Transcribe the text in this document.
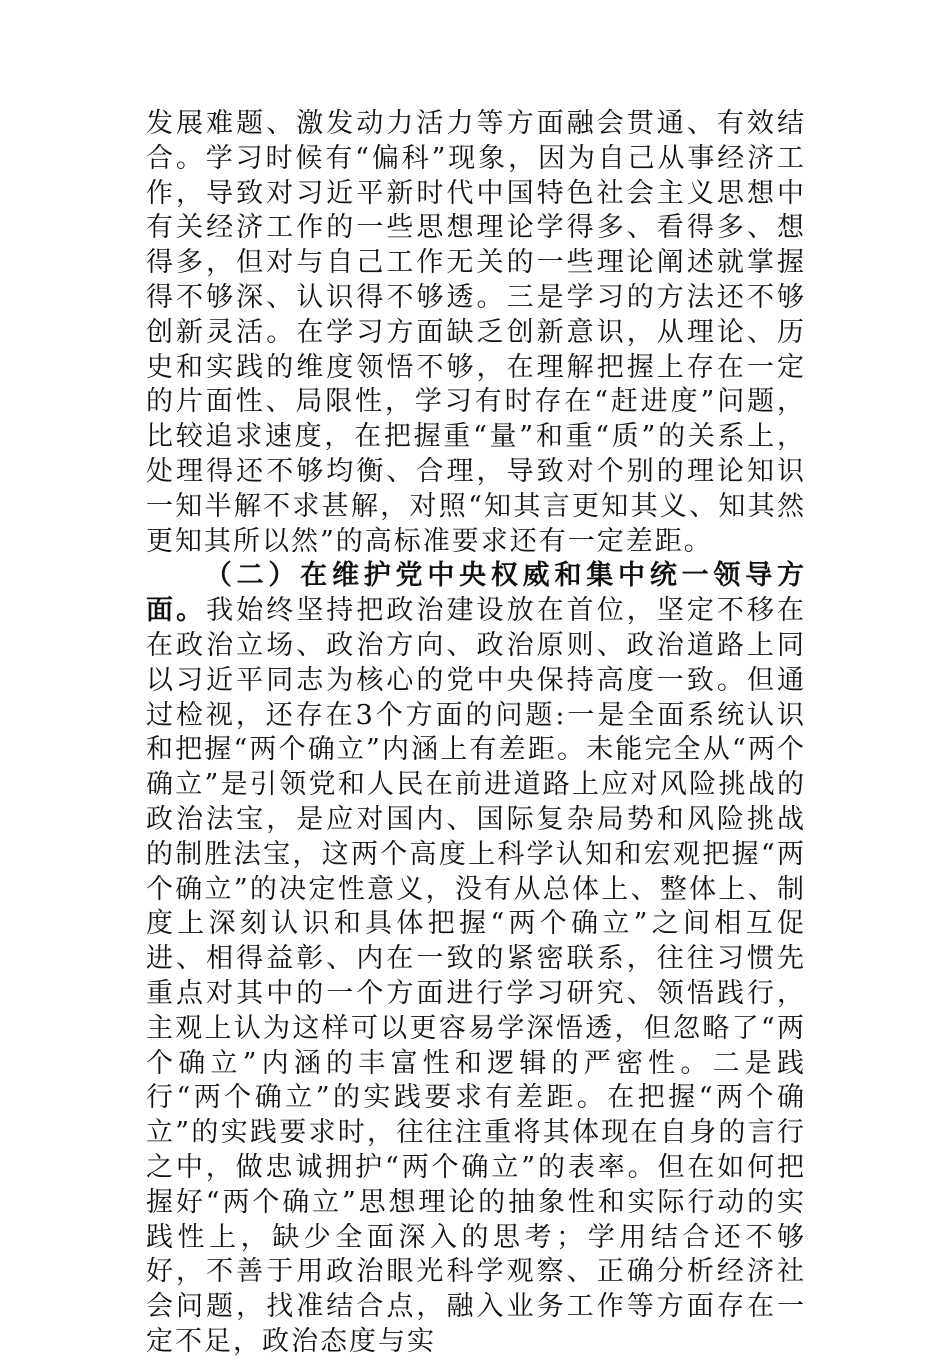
发展难题、激发动力活力等方面融会贯通、有效结合。学习时候有“偏科”现象，因为自己从事经济工作，导致对习近平新时代中国特色社会主义思想中有关经济工作的一些思想理论学得多、看得多、想得多，但对与自己工作无关的一些理论阐述就掌握得不够深、认识得不够透。三是学习的方法还不够创新灵活。在学习方面缺乏创新意识，从理论、历史和实践的维度领悟不够，在理解把握上存在一定的片面性、局限性，学习有时存在“赶进度”问题，比较追求速度，在把握重“量”和重“质”的关系上，处理得还不够均衡、合理，导致对个别的理论知识一知半解不求甚解，对照“知其言更知其义、知其然更知其所以然”的高标准要求还有一定差距。

（二）在维护党中央权威和集中统一领导方面。我始终坚持把政治建设放在首位，坚定不移在在政治立场、政治方向、政治原则、政治道路上同以习近平同志为核心的党中央保持高度一致。但通过检视，还存在3个方面的问题:一是全面系统认识和把握“两个确立”内涵上有差距。未能完全从“两个确立”是引领党和人民在前进道路上应对风险挑战的政治法宝，是应对国内、国际复杂局势和风险挑战的制胜法宝，这两个高度上科学认知和宏观把握“两个确立”的决定性意义，没有从总体上、整体上、制度上深刻认识和具体把握“两个确立”之间相互促进、相得益彰、内在一致的紧密联系，往往习惯先重点对其中的一个方面进行学习研究、领悟践行，主观上认为这样可以更容易学深悟透，但忽略了“两个确立”内涵的丰富性和逻辑的严密性。二是践行“两个确立”的实践要求有差距。在把握“两个确立”的实践要求时，往往注重将其体现在自身的言行之中，做忠诚拥护“两个确立”的表率。但在如何把握好“两个确立”思想理论的抽象性和实际行动的实践性上，缺少全面深入的思考；学用结合还不够好，不善于用政治眼光科学观察、正确分析经济社会问题，找准结合点，融入业务工作等方面存在一定不足，政治态度与实
